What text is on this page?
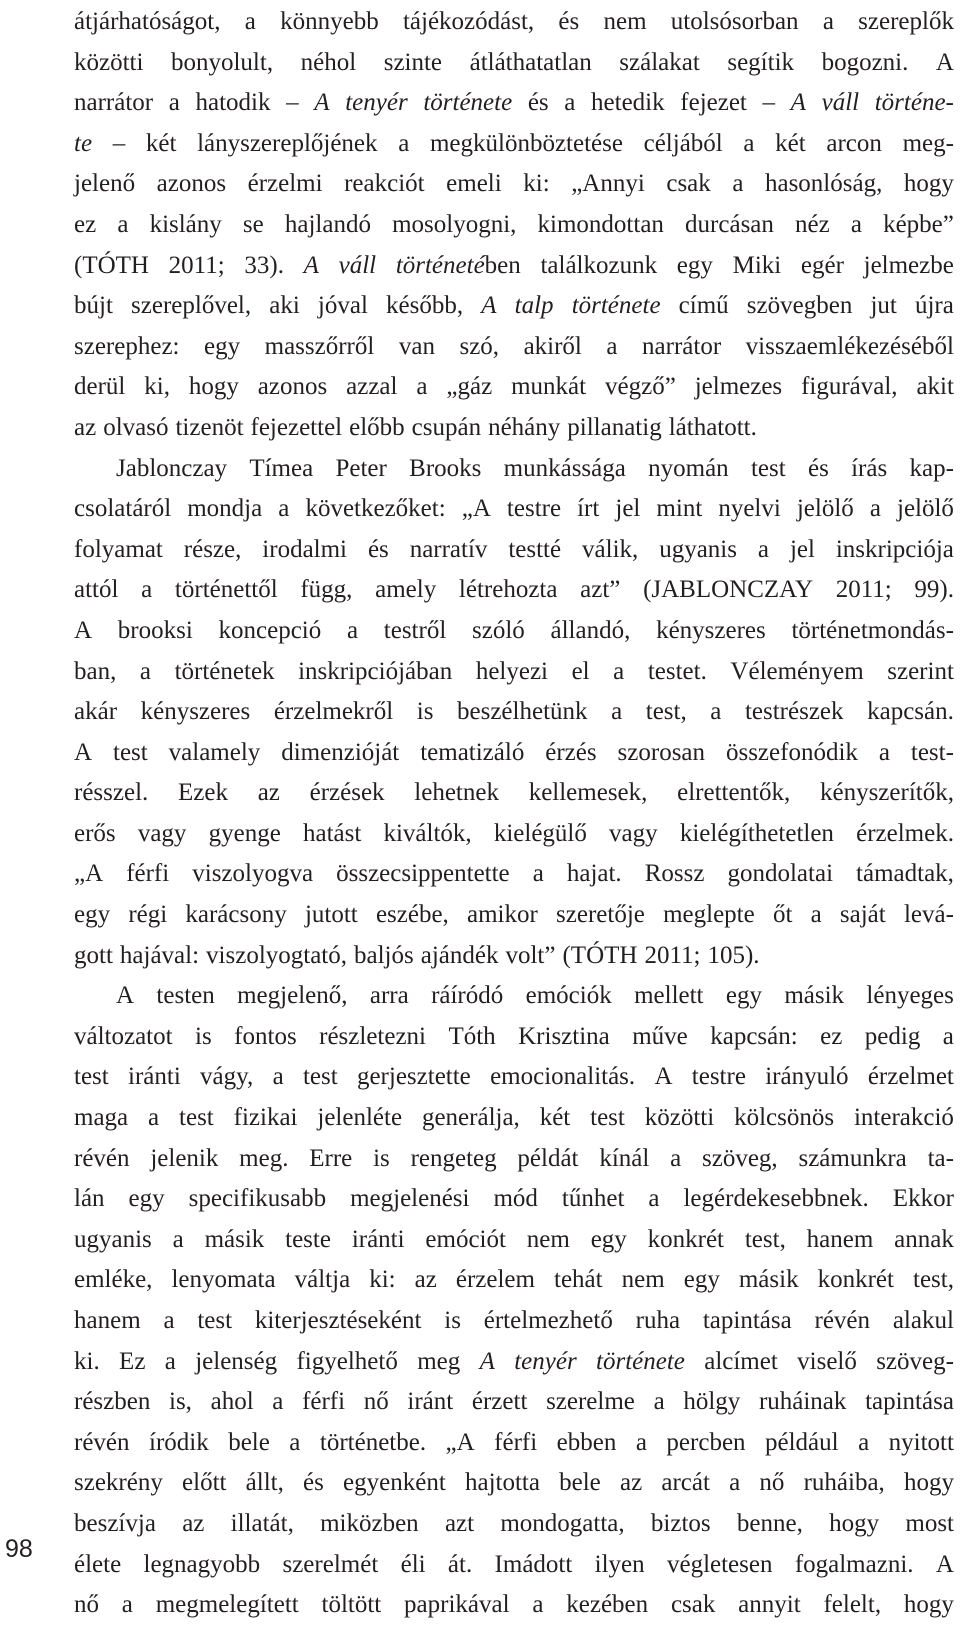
átjárhatóságot, a könnyebb tájékozódást, és nem utolsósorban a szereplők
közötti bonyolult, néhol szinte átláthatatlan szálakat segítik bogozni. A
narrátor a hatodik – A tenyér története és a hetedik fejezet – A váll történe-
te – két lányszereplőjének a megkülönböztetése céljából a két arcon meg-
jelenő azonos érzelmi reakciót emeli ki: „Annyi csak a hasonlóság, hogy
ez a kislány se hajlandó mosolyogni, kimondottan durcásan néz a képbe”
(TÓTH 2011; 33). A váll történetében találkozunk egy Miki egér jelmezbe
bújt szereplővel, aki jóval később, A talp története című szövegben jut újra
szerephez: egy masszőrről van szó, akiről a narrátor visszaemlékezéséből
derül ki, hogy azonos azzal a „gáz munkát végző” jelmezes figurával, akit
az olvasó tizenöt fejezettel előbb csupán néhány pillanatig láthatott.
Jablonczay Tímea Peter Brooks munkássága nyomán test és írás kap-
csolatáról mondja a következőket: „A testre írt jel mint nyelvi jelölő a jelölő
folyamat része, irodalmi és narratív testté válik, ugyanis a jel inskripciója
attól a történettől függ, amely létrehozta azt” (JABLONCZAY 2011; 99).
A brooksi koncepció a testről szóló állandó, kényszeres történetmondás-
ban, a történetek inskripciójában helyezi el a testet. Véleményem szerint
akár kényszeres érzelmekről is beszélhetünk a test, a testrészek kapcsán.
A test valamely dimenzióját tematizáló érzés szorosan összefonódik a test-
résszel. Ezek az érzések lehetnek kellemesek, elrettentők, kényszerítők,
erős vagy gyenge hatást kiváltók, kielégülő vagy kielégíthetetlen érzelmek.
„A férfi viszolyogva összecsippentette a hajat. Rossz gondolatai támadtak,
egy régi karácsony jutott eszébe, amikor szeretője meglepte őt a saját levá-
gott hajával: viszolyogtató, baljós ajándék volt” (TÓTH 2011; 105).
A testen megjelenő, arra ráíródó emóciók mellett egy másik lényeges
változatot is fontos részletezni Tóth Krisztina műve kapcsán: ez pedig a
test iránti vágy, a test gerjesztette emocionalitás. A testre irányuló érzelmet
maga a test fizikai jelenléte generálja, két test közötti kölcsönös interakció
révén jelenik meg. Erre is rengeteg példát kínál a szöveg, számunkra ta-
lán egy specifikusabb megjelenési mód tűnhet a legérdekesebbnek. Ekkor
ugyanis a másik teste iránti emóciót nem egy konkrét test, hanem annak
emléke, lenyomata váltja ki: az érzelem tehát nem egy másik konkrét test,
hanem a test kiterjesztéseként is értelmezhető ruha tapintása révén alakul
ki. Ez a jelenség figyelhető meg A tenyér története alcímet viselő szöveg-
részben is, ahol a férfi nő iránt érzett szerelme a hölgy ruháinak tapintása
révén íródik bele a történetbe. „A férfi ebben a percben például a nyitott
szekrény előtt állt, és egyenként hajtotta bele az arcát a nő ruháiba, hogy
beszívja az illatát, miközben azt mondogatta, biztos benne, hogy most
élete legnagyobb szerelmét éli át. Imádott ilyen végletesen fogalmazni. A
nő a megmelegített töltött paprikával a kezében csak annyit felelt, hogy
98
